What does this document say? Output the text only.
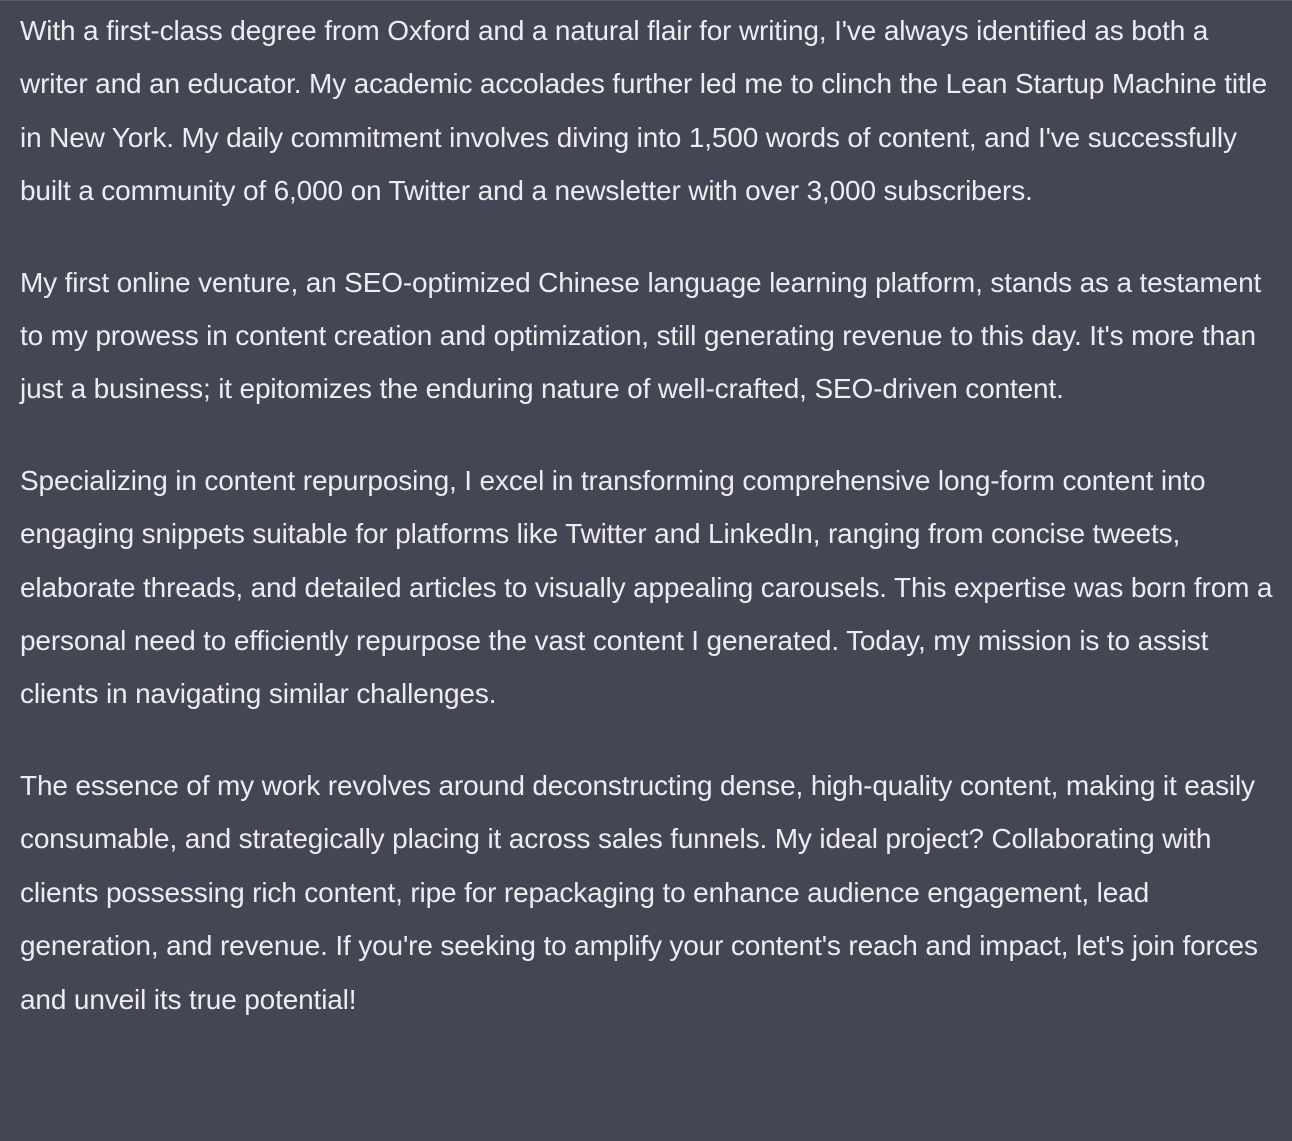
With a first-class degree from Oxford and a natural flair for writing, I've always identified as both a writer and an educator. My academic accolades further led me to clinch the Lean Startup Machine title in New York. My daily commitment involves diving into 1,500 words of content, and I've successfully built a community of 6,000 on Twitter and a newsletter with over 3,000 subscribers.

My first online venture, an SEO-optimized Chinese language learning platform, stands as a testament to my prowess in content creation and optimization, still generating revenue to this day. It's more than just a business; it epitomizes the enduring nature of well-crafted, SEO-driven content.

Specializing in content repurposing, I excel in transforming comprehensive long-form content into engaging snippets suitable for platforms like Twitter and LinkedIn, ranging from concise tweets, elaborate threads, and detailed articles to visually appealing carousels. This expertise was born from a personal need to efficiently repurpose the vast content I generated. Today, my mission is to assist clients in navigating similar challenges.

The essence of my work revolves around deconstructing dense, high-quality content, making it easily consumable, and strategically placing it across sales funnels. My ideal project? Collaborating with clients possessing rich content, ripe for repackaging to enhance audience engagement, lead generation, and revenue. If you're seeking to amplify your content's reach and impact, let's join forces and unveil its true potential!
